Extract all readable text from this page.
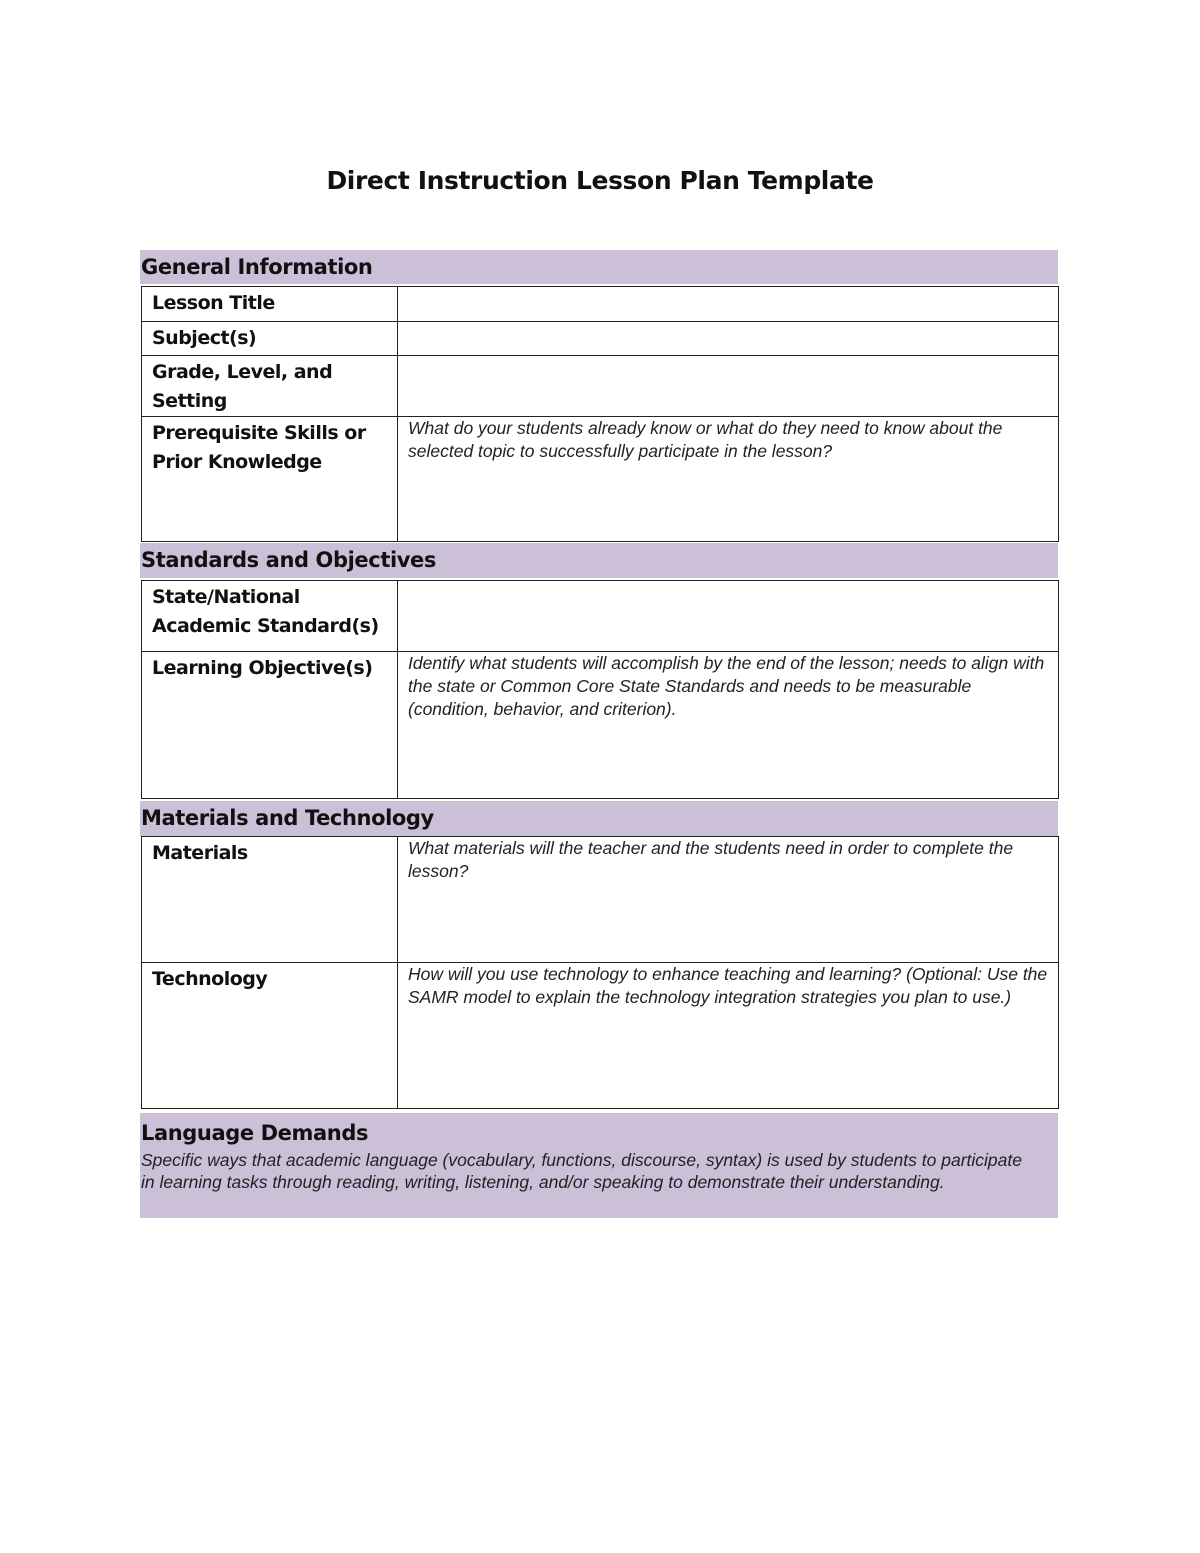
Direct Instruction Lesson Plan Template
General Information
Lesson Title	
Subject(s)	
Grade, Level, and Setting	
Prerequisite Skills or Prior Knowledge	What do your students already know or what do they need to know about the selected topic to successfully participate in the lesson?
Standards and Objectives
State/National Academic Standard(s)	
Learning Objective(s)	Identify what students will accomplish by the end of the lesson; needs to align with the state or Common Core State Standards and needs to be measurable (condition, behavior, and criterion).
Materials and Technology
Materials	What materials will the teacher and the students need in order to complete the lesson?
Technology	How will you use technology to enhance teaching and learning? (Optional: Use the SAMR model to explain the technology integration strategies you plan to use.)
Language Demands
Specific ways that academic language (vocabulary, functions, discourse, syntax) is used by students to participate in learning tasks through reading, writing, listening, and/or speaking to demonstrate their understanding.
